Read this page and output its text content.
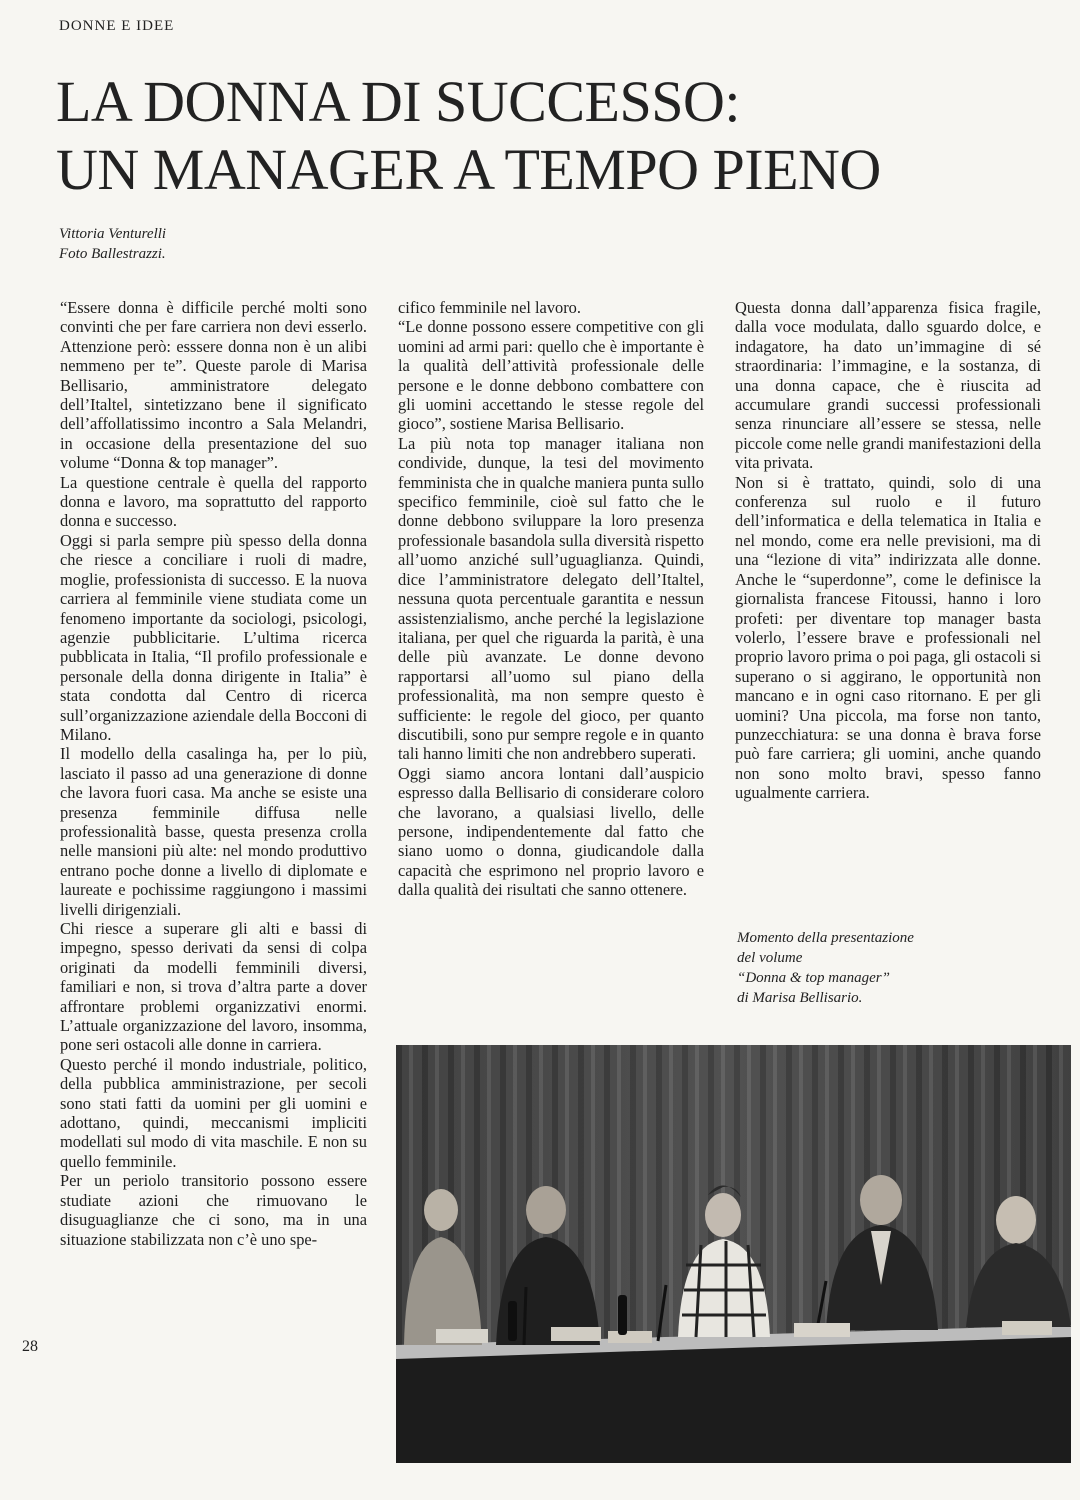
DONNE E IDEE
LA DONNA DI SUCCESSO:
UN MANAGER A TEMPO PIENO
Vittoria Venturelli
Foto Ballestrazzi.

“Essere donna è difficile perché molti sono convinti che per fare carriera non devi esserlo. Attenzione però: esssere donna non è un alibi nemmeno per te”. Queste parole di Marisa Bellisario, amministratore delegato dell’Italtel, sintetizzano bene il significato dell’affollatissimo incontro a Sala Melandri, in occasione della presentazione del suo volume “Donna & top manager”.

La questione centrale è quella del rapporto donna e lavoro, ma soprattutto del rapporto donna e successo.

Oggi si parla sempre più spesso della donna che riesce a conciliare i ruoli di madre, moglie, professionista di successo. E la nuova carriera al femminile viene studiata come un fenomeno importante da sociologi, psicologi, agenzie pubblicitarie. L’ultima ricerca pubblicata in Italia, “Il profilo professionale e personale della donna dirigente in Italia” è stata condotta dal Centro di ricerca sull’organizzazione aziendale della Bocconi di Milano.

Il modello della casalinga ha, per lo più, lasciato il passo ad una generazione di donne che lavora fuori casa. Ma anche se esiste una presenza femminile diffusa nelle professionalità basse, questa presenza crolla nelle mansioni più alte: nel mondo produttivo entrano poche donne a livello di diplomate e laureate e pochissime raggiungono i massimi livelli dirigenziali.

Chi riesce a superare gli alti e bassi di impegno, spesso derivati da sensi di colpa originati da modelli femminili diversi, familiari e non, si trova d’altra parte a dover affrontare problemi organizzativi enormi. L’attuale organizzazione del lavoro, insomma, pone seri ostacoli alle donne in carriera.

Questo perché il mondo industriale, politico, della pubblica amministrazione, per secoli sono stati fatti da uomini per gli uomini e adottano, quindi, meccanismi impliciti modellati sul modo di vita maschile. E non su quello femminile.

Per un periolo transitorio possono essere studiate azioni che rimuovano le disuguaglianze che ci sono, ma in una situazione stabilizzata non c’è uno spe-

cifico femminile nel lavoro.

“Le donne possono essere competitive con gli uomini ad armi pari: quello che è importante è la qualità dell’attività professionale delle persone e le donne debbono combattere con gli uomini accettando le stesse regole del gioco”, sostiene Marisa Bellisario.

La più nota top manager italiana non condivide, dunque, la tesi del movimento femminista che in qualche maniera punta sullo specifico femminile, cioè sul fatto che le donne debbono sviluppare la loro presenza professionale basandola sulla diversità rispetto all’uomo anziché sull’uguaglianza. Quindi, dice l’amministratore delegato dell’Italtel, nessuna quota percentuale garantita e nessun assistenzialismo, anche perché la legislazione italiana, per quel che riguarda la parità, è una delle più avanzate. Le donne devono rapportarsi all’uomo sul piano della professionalità, ma non sempre questo è sufficiente: le regole del gioco, per quanto discutibili, sono pur sempre regole e in quanto tali hanno limiti che non andrebbero superati.

Oggi siamo ancora lontani dall’auspicio espresso dalla Bellisario di considerare coloro che lavorano, a qualsiasi livello, delle persone, indipendentemente dal fatto che siano uomo o donna, giudicandole dalla capacità che esprimono nel proprio lavoro e dalla qualità dei risultati che sanno ottenere.

Questa donna dall’apparenza fisica fragile, dalla voce modulata, dallo sguardo dolce, e indagatore, ha dato un’immagine di sé straordinaria: l’immagine, e la sostanza, di una donna capace, che è riuscita ad accumulare grandi successi professionali senza rinunciare all’essere se stessa, nelle piccole come nelle grandi manifestazioni della vita privata.

Non si è trattato, quindi, solo di una conferenza sul ruolo e il futuro dell’informatica e della telematica in Italia e nel mondo, come era nelle previsioni, ma di una “lezione di vita” indirizzata alle donne. Anche le “superdonne”, come le definisce la giornalista francese Fitoussi, hanno i loro profeti: per diventare top manager basta volerlo, l’essere brave e professionali nel proprio lavoro prima o poi paga, gli ostacoli si superano o si aggirano, le opportunità non mancano e in ogni caso ritornano. E per gli uomini? Una piccola, ma forse non tanto, punzecchiatura: se una donna è brava forse può fare carriera; gli uomini, anche quando non sono molto bravi, spesso fanno ugualmente carriera.

Momento della presentazione
del volume
“Donna & top manager”
di Marisa Bellisario.
28
